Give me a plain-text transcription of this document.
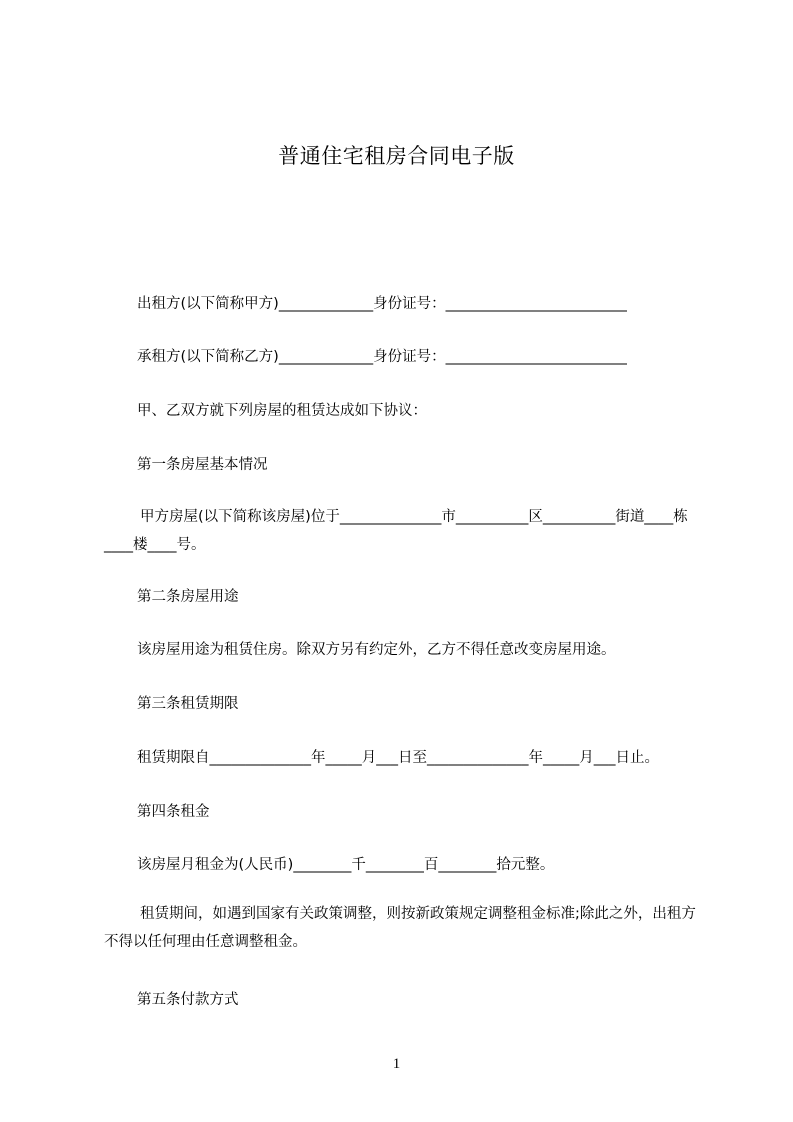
普通住宅租房合同电子版
出租方(以下简称甲方)_____________身份证号：_________________________
承租方(以下简称乙方)_____________身份证号：_________________________
甲、乙双方就下列房屋的租赁达成如下协议：
第一条房屋基本情况
甲方房屋(以下简称该房屋)位于______________市__________区__________街道____栋____楼____号。
第二条房屋用途
该房屋用途为租赁住房。除双方另有约定外，乙方不得任意改变房屋用途。
第三条租赁期限
租赁期限自______________年_____月___日至______________年_____月___日止。
第四条租金
该房屋月租金为(人民币)________千________百________拾元整。
租赁期间，如遇到国家有关政策调整，则按新政策规定调整租金标准;除此之外，出租方不得以任何理由任意调整租金。
第五条付款方式
1
